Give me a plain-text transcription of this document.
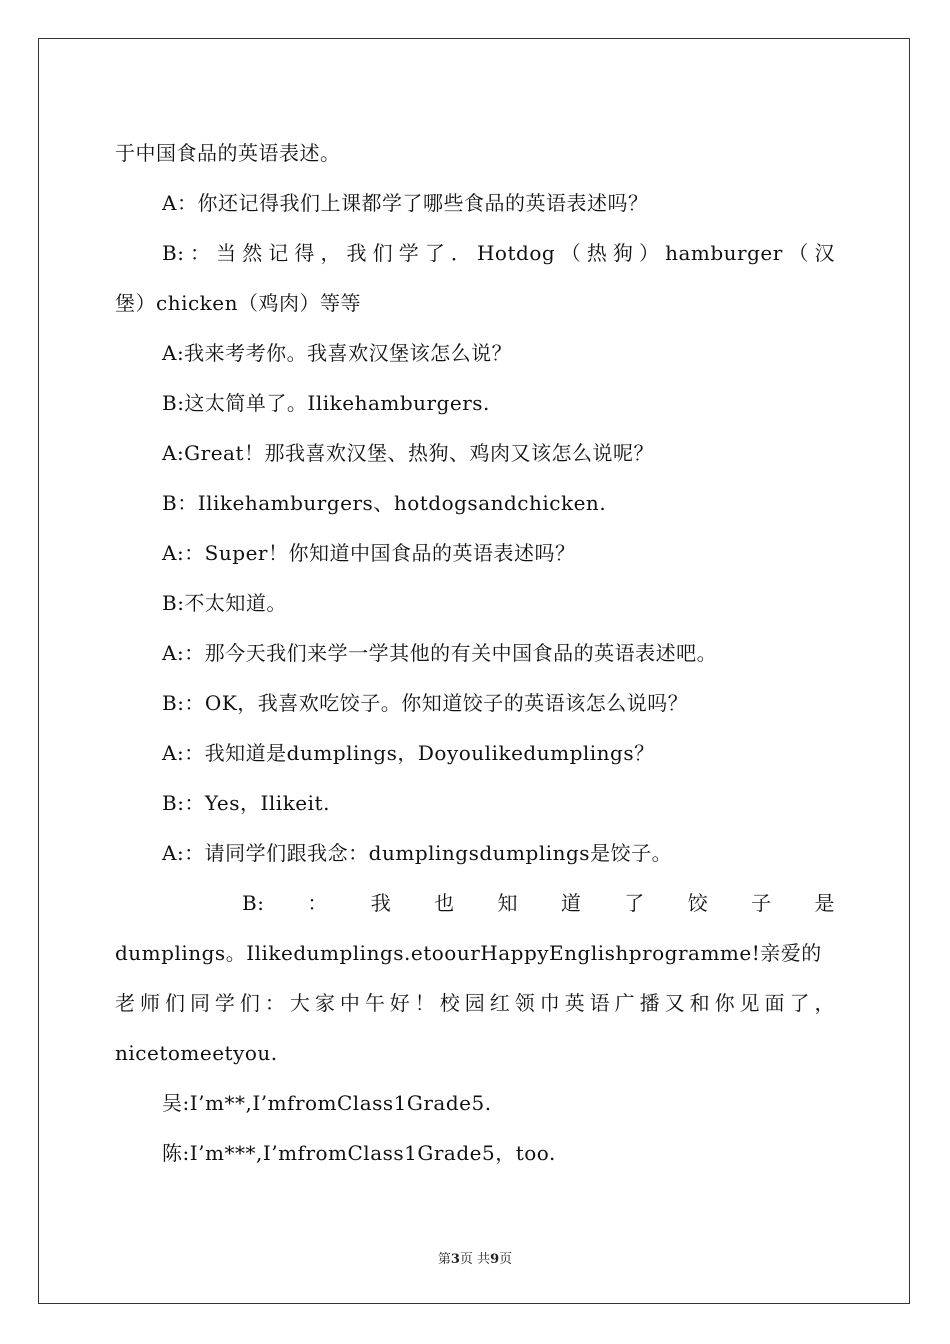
于中国食品的英语表述。
A：你还记得我们上课都学了哪些食品的英语表述吗？
B:：当然记得，我们学了．Hotdog（热狗）hamburger（汉
堡）chicken（鸡肉）等等
A:我来考考你。我喜欢汉堡该怎么说？
B:这太简单了。Ilikehamburgers.
A:Great！那我喜欢汉堡、热狗、鸡肉又该怎么说呢？
B：Ilikehamburgers、hotdogsandchicken.
A:：Super！你知道中国食品的英语表述吗？
B:不太知道。
A:：那今天我们来学一学其他的有关中国食品的英语表述吧。
B:：OK，我喜欢吃饺子。你知道饺子的英语该怎么说吗？
A:：我知道是dumplings，Doyoulikedumplings？
B:：Yes，Ilikeit.
A:：请同学们跟我念：dumplingsdumplings是饺子。
B:：我也知道了饺子是
dumplings。Ilikedumplings.etoourHappyEnglishprogramme!亲爱的
老师们同学们：大家中午好！校园红领巾英语广播又和你见面了，
nicetomeetyou.
吴:I’m**,I’mfromClass1Grade5.
陈:I’m***,I’mfromClass1Grade5，too.
第3页 共9页
